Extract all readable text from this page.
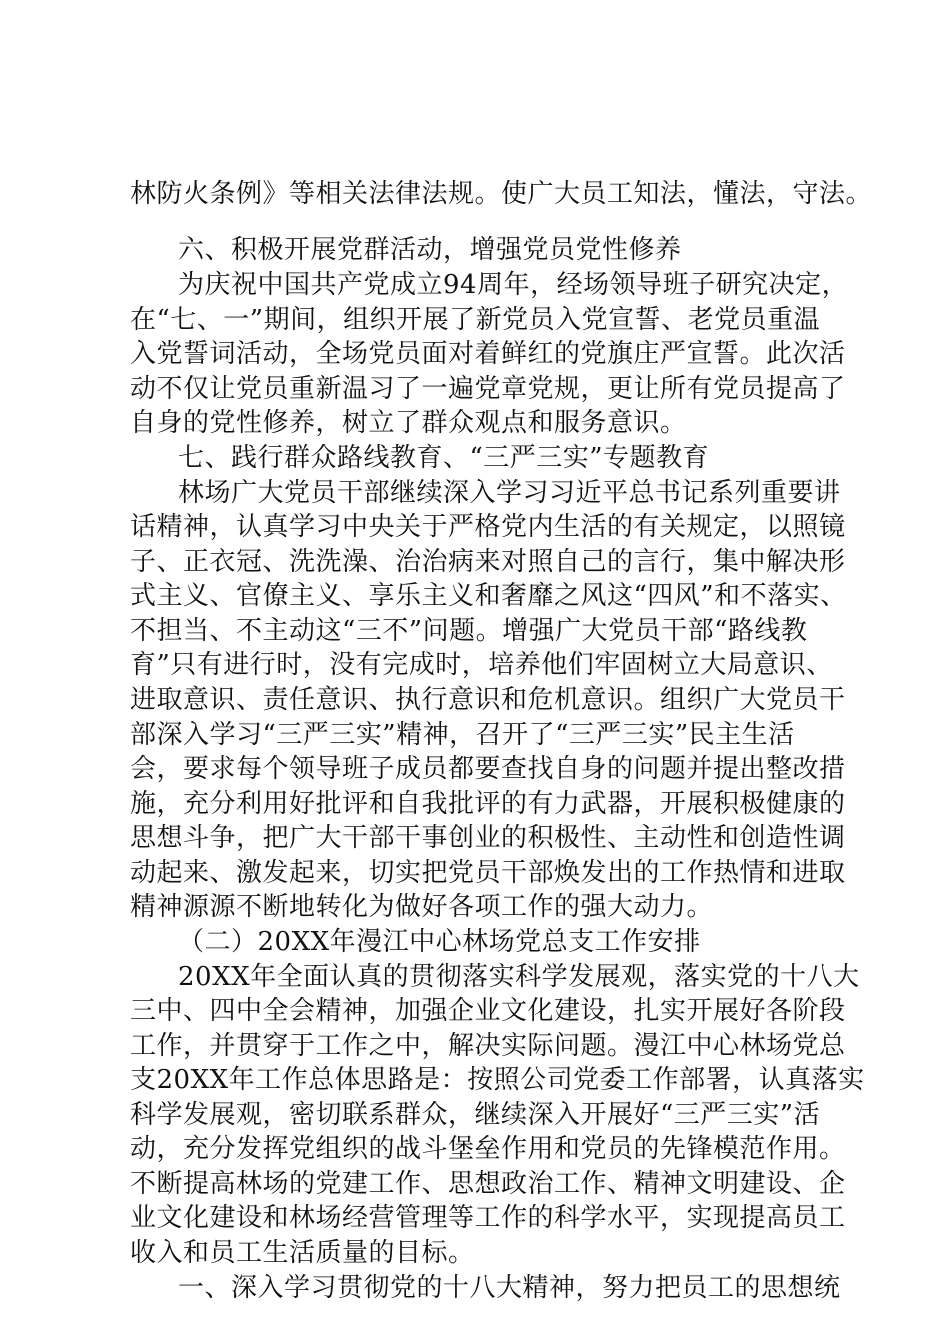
林防火条例》等相关法律法规。使广大员工知法，懂法，守法。
六、积极开展党群活动，增强党员党性修养
为庆祝中国共产党成立94周年，经场领导班子研究决定，
在“七、一”期间，组织开展了新党员入党宣誓、老党员重温
入党誓词活动，全场党员面对着鲜红的党旗庄严宣誓。此次活
动不仅让党员重新温习了一遍党章党规，更让所有党员提高了
自身的党性修养，树立了群众观点和服务意识。
七、践行群众路线教育、“三严三实”专题教育
林场广大党员干部继续深入学习习近平总书记系列重要讲
话精神，认真学习中央关于严格党内生活的有关规定，以照镜
子、正衣冠、洗洗澡、治治病来对照自己的言行，集中解决形
式主义、官僚主义、享乐主义和奢靡之风这“四风”和不落实、
不担当、不主动这“三不”问题。增强广大党员干部“路线教
育”只有进行时，没有完成时，培养他们牢固树立大局意识、
进取意识、责任意识、执行意识和危机意识。组织广大党员干
部深入学习“三严三实”精神，召开了“三严三实”民主生活
会，要求每个领导班子成员都要查找自身的问题并提出整改措
施，充分利用好批评和自我批评的有力武器，开展积极健康的
思想斗争，把广大干部干事创业的积极性、主动性和创造性调
动起来、激发起来，切实把党员干部焕发出的工作热情和进取
精神源源不断地转化为做好各项工作的强大动力。
（二）20XX年漫江中心林场党总支工作安排
20XX年全面认真的贯彻落实科学发展观，落实党的十八大
三中、四中全会精神，加强企业文化建设，扎实开展好各阶段
工作，并贯穿于工作之中，解决实际问题。漫江中心林场党总
支20XX年工作总体思路是：按照公司党委工作部署，认真落实
科学发展观，密切联系群众，继续深入开展好“三严三实”活
动，充分发挥党组织的战斗堡垒作用和党员的先锋模范作用。
不断提高林场的党建工作、思想政治工作、精神文明建设、企
业文化建设和林场经营管理等工作的科学水平，实现提高员工
收入和员工生活质量的目标。
一、深入学习贯彻党的十八大精神，努力把员工的思想统
